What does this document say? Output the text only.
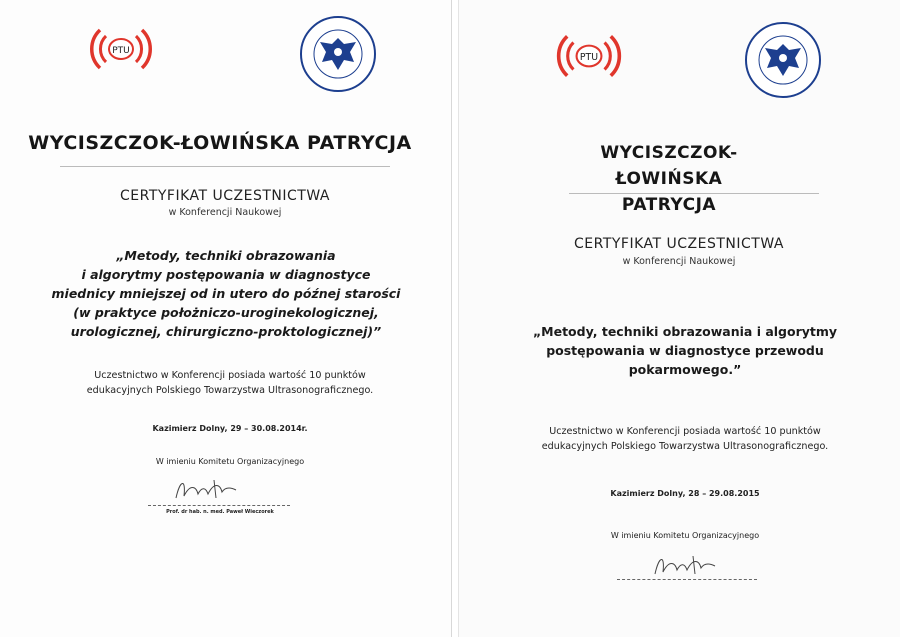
PTU
WYCISZCZOK-ŁOWIŃSKA PATRYCJA
CERTYFIKAT UCZESTNICTWA
w Konferencji Naukowej
„Metody, techniki obrazowania
i algorytmy postępowania w diagnostyce
miednicy mniejszej od in utero do późnej starości
(w praktyce położniczo-uroginekologicznej,
urologicznej, chirurgiczno-proktologicznej)”
Uczestnictwo w Konferencji posiada wartość 10 punktów
edukacyjnych Polskiego Towarzystwa Ultrasonograficznego.
Kazimierz Dolny, 29 – 30.08.2014r.
W imieniu Komitetu Organizacyjnego
Prof. dr hab. n. med. Paweł Wieczorek
PTU
WYCISZCZOK-ŁOWIŃSKA
PATRYCJA
CERTYFIKAT UCZESTNICTWA
w Konferencji Naukowej
„Metody, techniki obrazowania i algorytmy
postępowania w diagnostyce przewodu
pokarmowego.”
Uczestnictwo w Konferencji posiada wartość 10 punktów
edukacyjnych Polskiego Towarzystwa Ultrasonograficznego.
Kazimierz Dolny, 28 – 29.08.2015
W imieniu Komitetu Organizacyjnego
